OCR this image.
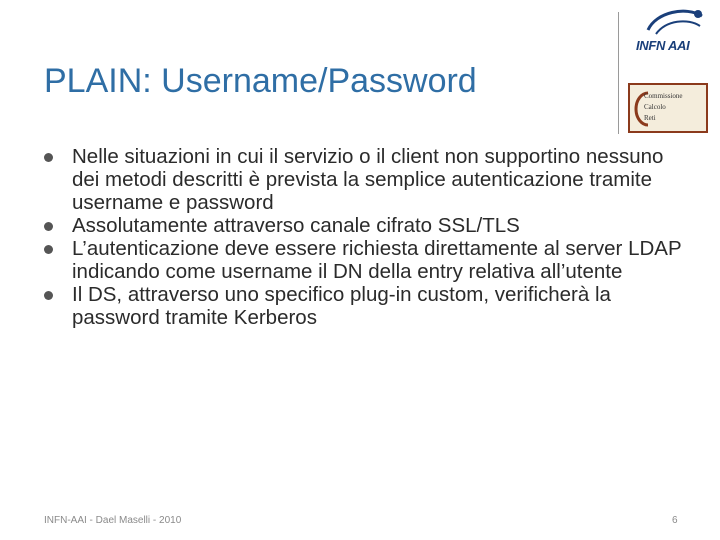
PLAIN: Username/Password
INFN AAI
Commissione
Calcolo
Reti
Nelle situazioni in cui il servizio o il client non supportino nessuno dei metodi descritti è prevista la semplice autenticazione tramite username e password
Assolutamente attraverso canale cifrato SSL/TLS
L’autenticazione deve essere richiesta direttamente al server LDAP indicando come username il DN della entry relativa all’utente
Il DS, attraverso uno specifico plug-in custom, verificherà la password tramite Kerberos
INFN-AAI - Dael Maselli - 2010	6
